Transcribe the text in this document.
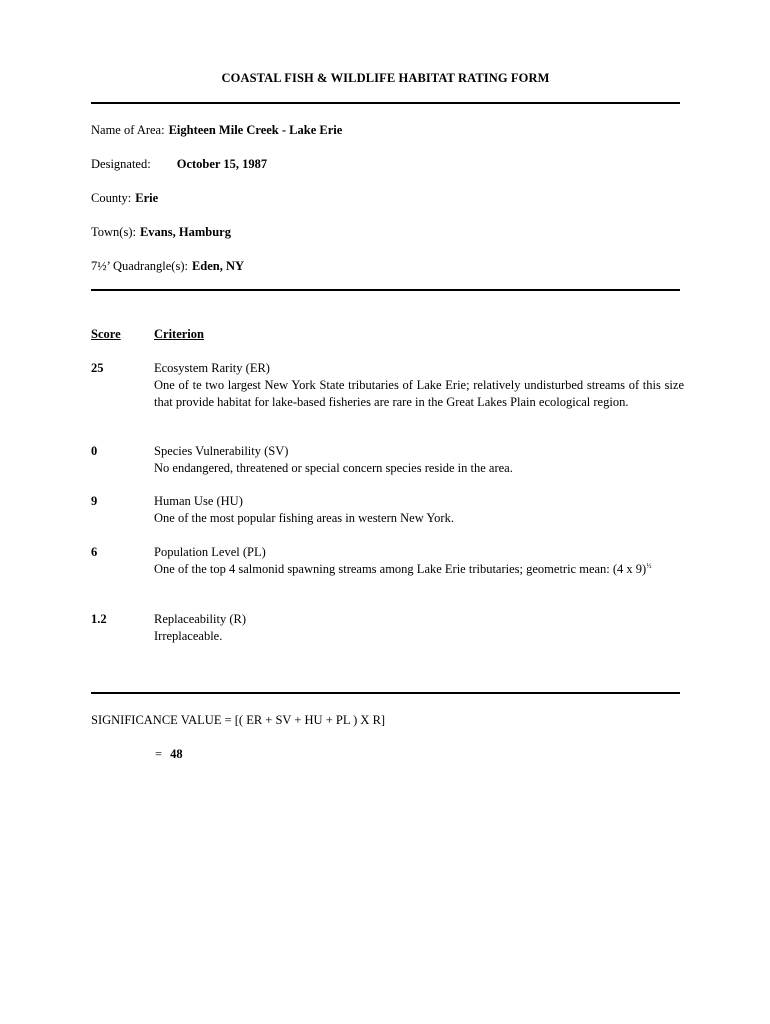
COASTAL FISH & WILDLIFE HABITAT RATING FORM
Name of Area: Eighteen Mile Creek - Lake Erie
Designated: October 15, 1987
County: Erie
Town(s): Evans, Hamburg
7½’ Quadrangle(s): Eden, NY
Score	Criterion
25	Ecosystem Rarity (ER)
One of te two largest New York State tributaries of Lake Erie; relatively undisturbed streams of this size that provide habitat for lake-based fisheries are rare in the Great Lakes Plain ecological region.
0	Species Vulnerability (SV)
No endangered, threatened or special concern species reside in the area.
9	Human Use (HU)
One of the most popular fishing areas in western New York.
6	Population Level (PL)
One of the top 4 salmonid spawning streams among Lake Erie tributaries; geometric mean: (4 x 9)$^{\frac{1}{2}}$
1.2	Replaceability (R)
Irreplaceable.
SIGNIFICANCE VALUE = [( ER + SV + HU + PL ) X R]
= 48
